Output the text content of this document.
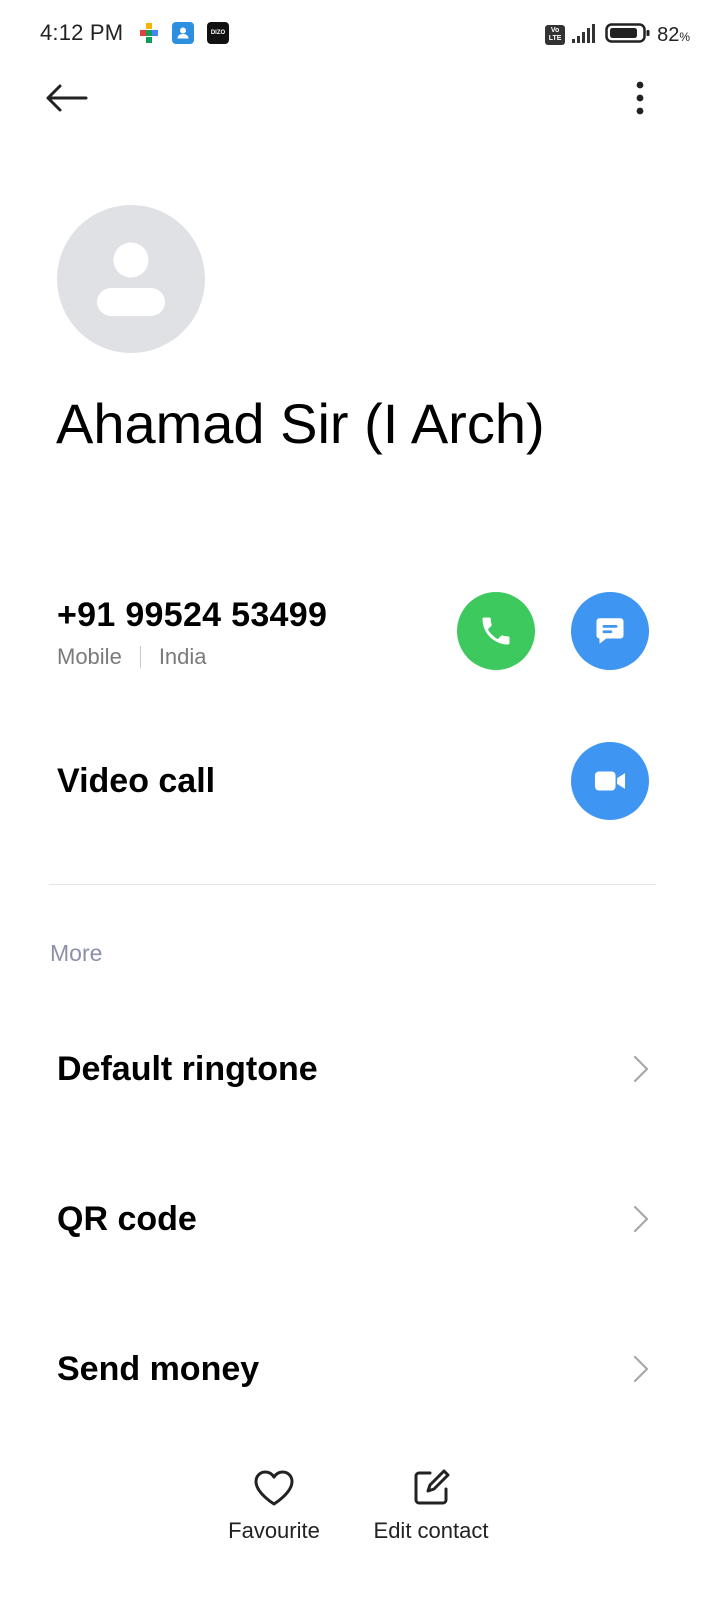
4:12 PM	DIZO	Vo
LTE	82%
Ahamad Sir (I Arch)
+91 99524 53499
Mobile India
Video call
More
Default ringtone
QR code
Send money
Favourite Edit contact
